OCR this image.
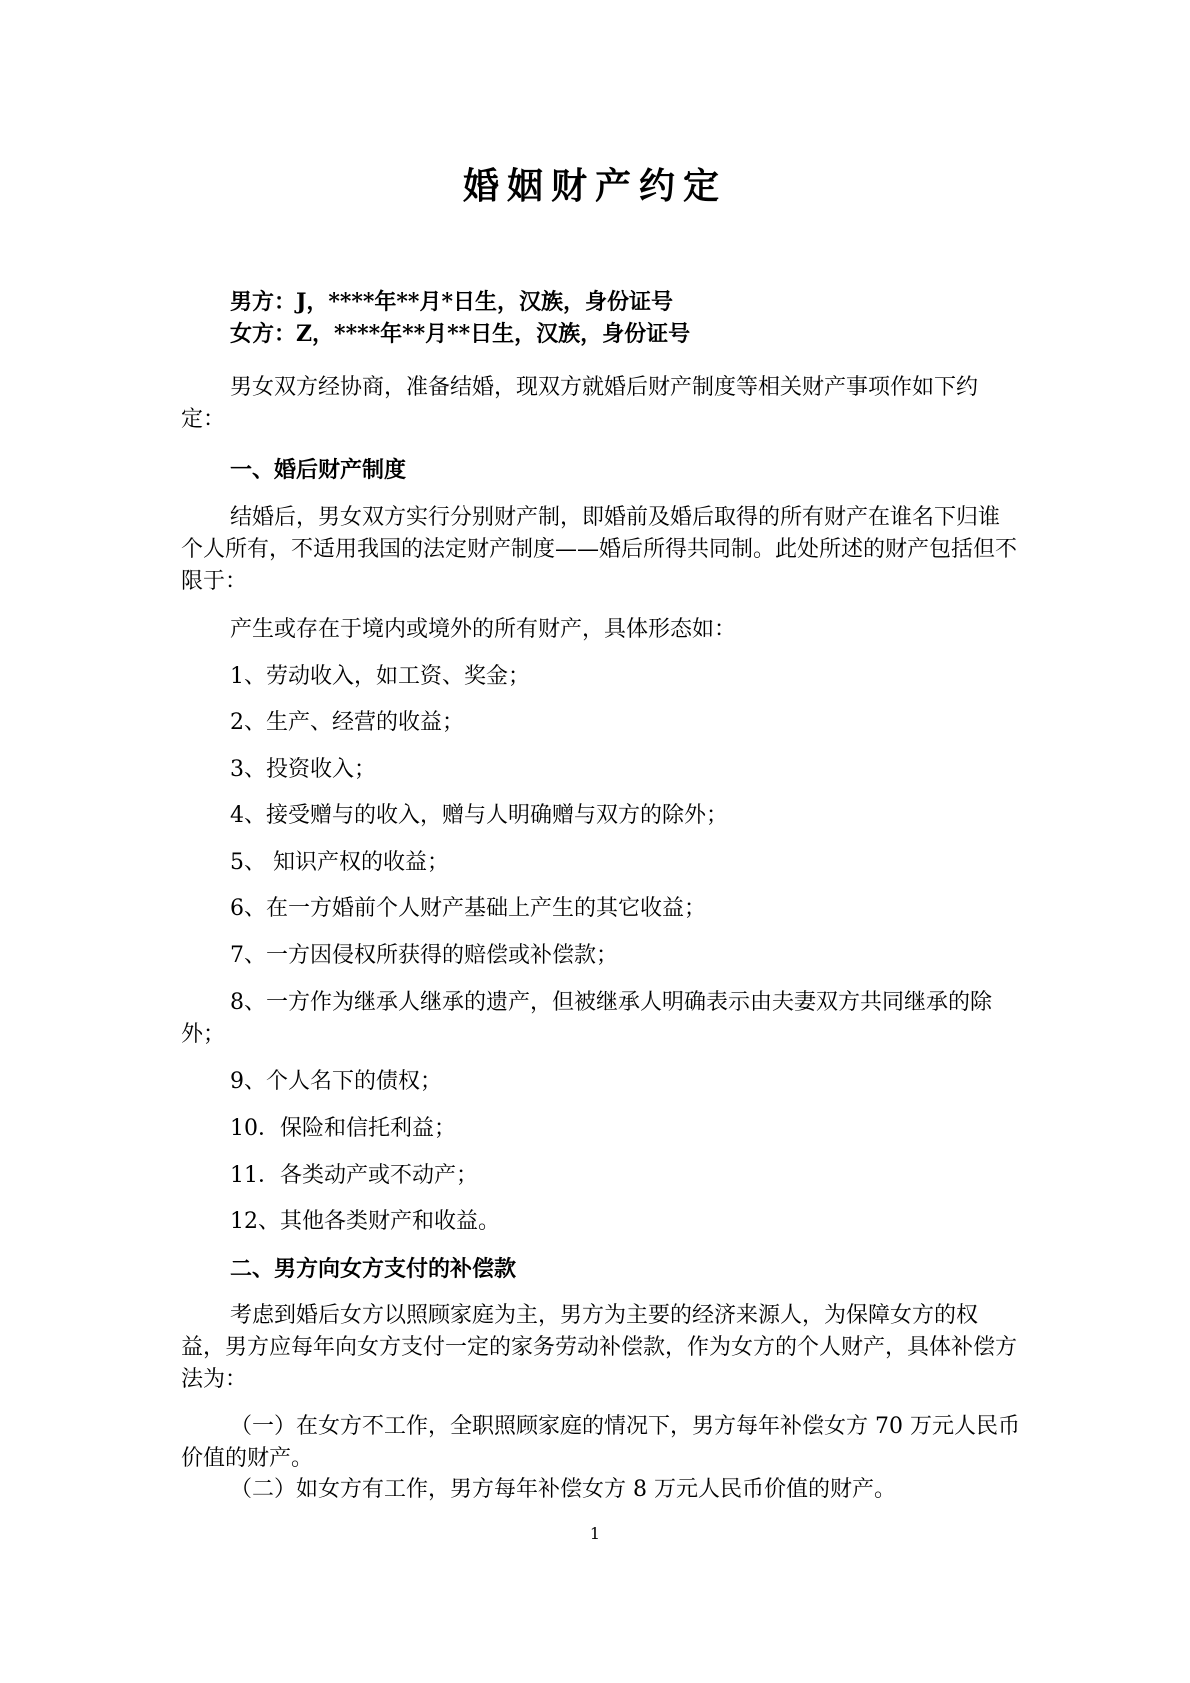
婚姻财产约定
男方：J，****年**月*日生，汉族，身份证号
女方：Z，****年**月**日生，汉族，身份证号
男女双方经协商，准备结婚，现双方就婚后财产制度等相关财产事项作如下约定：
一、婚后财产制度
结婚后，男女双方实行分别财产制，即婚前及婚后取得的所有财产在谁名下归谁个人所有，不适用我国的法定财产制度——婚后所得共同制。此处所述的财产包括但不限于：
产生或存在于境内或境外的所有财产，具体形态如：
1、劳动收入，如工资、奖金；
2、生产、经营的收益；
3、投资收入；
4、接受赠与的收入，赠与人明确赠与双方的除外；
5、 知识产权的收益；
6、在一方婚前个人财产基础上产生的其它收益；
7、一方因侵权所获得的赔偿或补偿款；
8、一方作为继承人继承的遗产，但被继承人明确表示由夫妻双方共同继承的除外；
9、个人名下的债权；
10．保险和信托利益；
11．各类动产或不动产；
12、其他各类财产和收益。
二、男方向女方支付的补偿款
考虑到婚后女方以照顾家庭为主，男方为主要的经济来源人，为保障女方的权益，男方应每年向女方支付一定的家务劳动补偿款，作为女方的个人财产，具体补偿方法为：
（一）在女方不工作，全职照顾家庭的情况下，男方每年补偿女方 70 万元人民币价值的财产。
（二）如女方有工作，男方每年补偿女方 8 万元人民币价值的财产。
1
